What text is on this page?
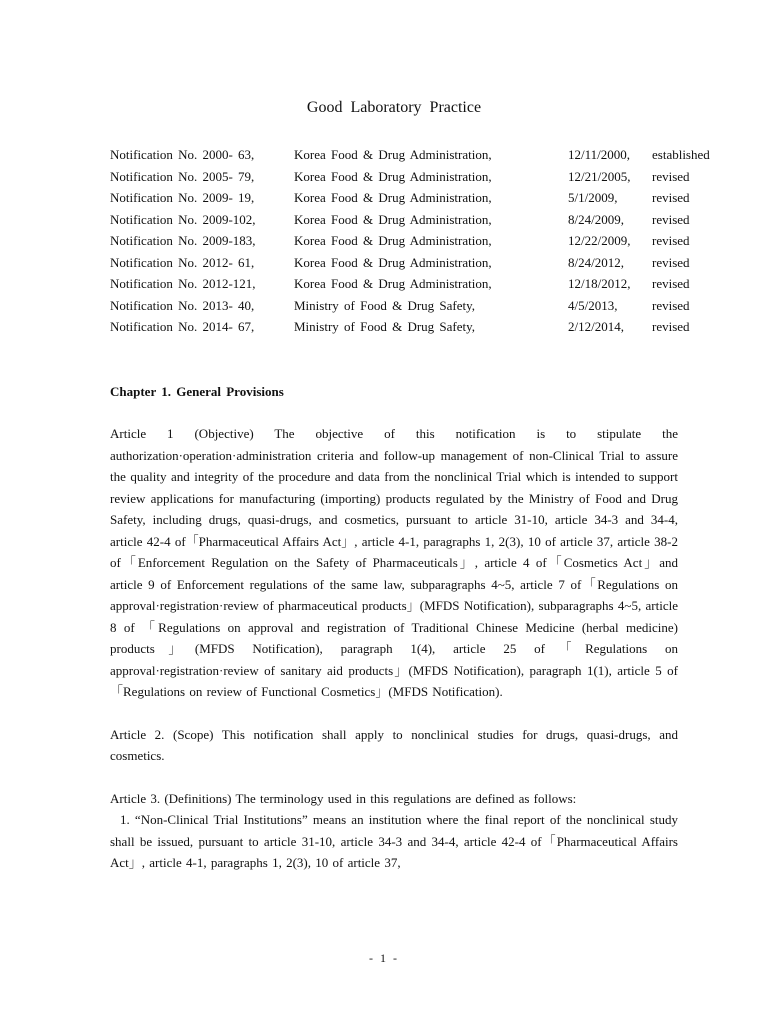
Good Laboratory Practice
Notification No. 2000- 63,	Korea Food & Drug Administration,	12/11/2000, established
Notification No. 2005- 79,	Korea Food & Drug Administration,	12/21/2005, revised
Notification No. 2009- 19,	Korea Food & Drug Administration,	5/1/2009,	revised
Notification No. 2009-102,	Korea Food & Drug Administration,	8/24/2009, revised
Notification No. 2009-183,	Korea Food & Drug Administration,	12/22/2009, revised
Notification No. 2012- 61,	Korea Food & Drug Administration,	8/24/2012, revised
Notification No. 2012-121,	Korea Food & Drug Administration,	12/18/2012, revised
Notification No. 2013- 40,	Ministry of Food & Drug Safety,	4/5/2013,	revised
Notification No. 2014- 67,	Ministry of Food & Drug Safety,	2/12/2014, revised
Chapter 1. General Provisions

Article 1 (Objective) The objective of this notification is to stipulate the authorization·operation·administration criteria and follow-up management of non-Clinical Trial to assure the quality and integrity of the procedure and data from the nonclinical Trial which is intended to support review applications for manufacturing (importing) products regulated by the Ministry of Food and Drug Safety, including drugs, quasi-drugs, and cosmetics, pursuant to article 31-10, article 34-3 and 34-4, article 42-4 of「Pharmaceutical Affairs Act」, article 4-1, paragraphs 1, 2(3), 10 of article 37, article 38-2 of「Enforcement Regulation on the Safety of Pharmaceuticals」, article 4 of「Cosmetics Act」and article 9 of Enforcement regulations of the same law, subparagraphs 4~5, article 7 of「Regulations on approval·registration·review of pharmaceutical products」(MFDS Notification), subparagraphs 4~5, article 8 of 「Regulations on approval and registration of Traditional Chinese Medicine (herbal medicine) products」(MFDS Notification), paragraph 1(4), article 25 of「Regulations on approval·registration·review of sanitary aid products」(MFDS Notification), paragraph 1(1), article 5 of 「Regulations on review of Functional Cosmetics」(MFDS Notification).

Article 2. (Scope) This notification shall apply to nonclinical studies for drugs, quasi-drugs, and cosmetics.

Article 3. (Definitions) The terminology used in this regulations are defined as follows:

1. “Non-Clinical Trial Institutions” means an institution where the final report of the nonclinical study shall be issued, pursuant to article 31-10, article 34-3 and 34-4, article 42-4 of「Pharmaceutical Affairs Act」, article 4-1, paragraphs 1, 2(3), 10 of article 37,

- 1 -
